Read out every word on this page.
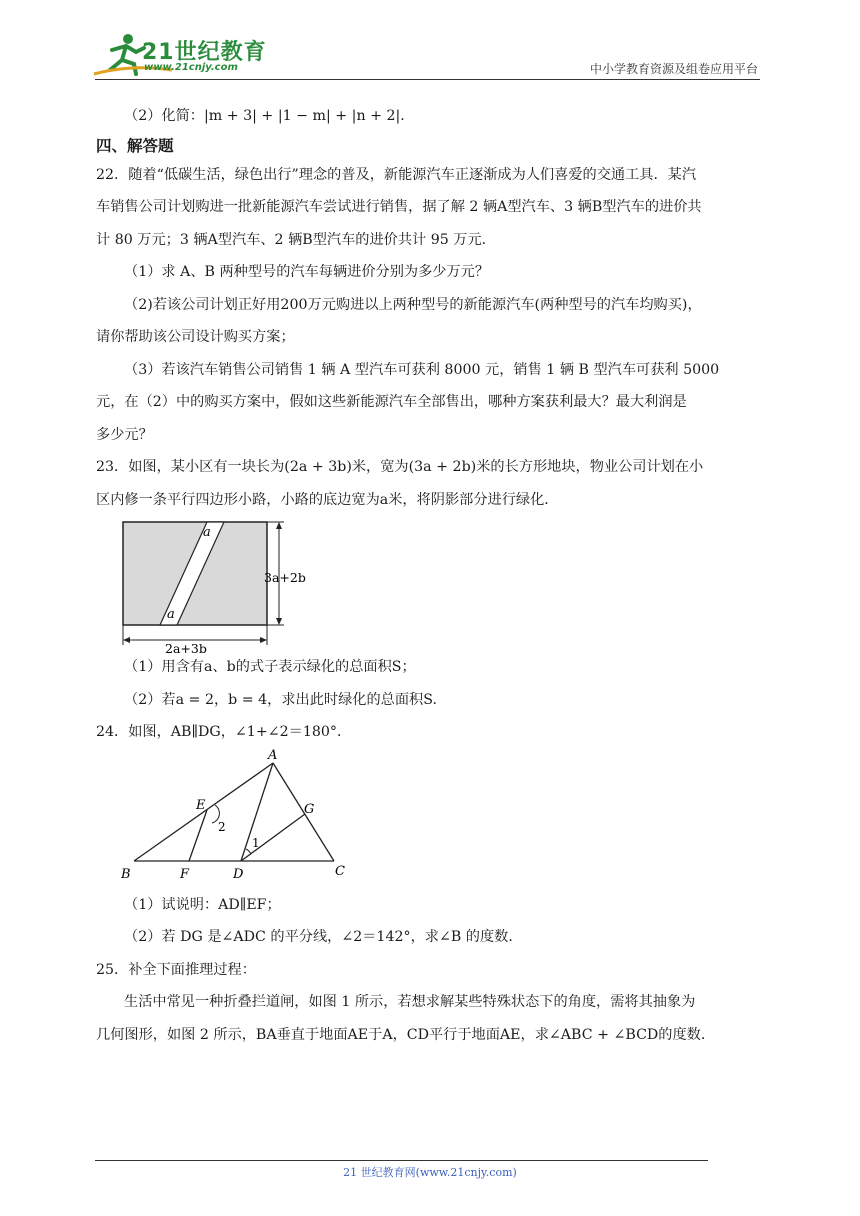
21世纪教育
www.21cnjy.com	中小学教育资源及组卷应用平台

（2）化简：|m + 3| + |1 − m| + |n + 2|.

四、解答题

22．随着“低碳生活，绿色出行”理念的普及，新能源汽车正逐渐成为人们喜爱的交通工具．某汽

车销售公司计划购进一批新能源汽车尝试进行销售，据了解 2 辆A型汽车、3 辆B型汽车的进价共

计 80 万元；3 辆A型汽车、2 辆B型汽车的进价共计 95 万元．

（1）求 A、B 两种型号的汽车每辆进价分别为多少万元？

（2)若该公司计划正好用200万元购进以上两种型号的新能源汽车(两种型号的汽车均购买)，

请你帮助该公司设计购买方案；

（3）若该汽车销售公司销售 1 辆 A 型汽车可获利 8000 元，销售 1 辆 B 型汽车可获利 5000

元，在（2）中的购买方案中，假如这些新能源汽车全部售出，哪种方案获利最大？最大利润是

多少元？

23．如图，某小区有一块长为(2a + 3b)米，宽为(3a + 2b)米的长方形地块，物业公司计划在小

区内修一条平行四边形小路，小路的底边宽为a米，将阴影部分进行绿化．

a
a
3a+2b
2a+3b

（1）用含有a、b的式子表示绿化的总面积S；

（2）若a = 2，b = 4，求出此时绿化的总面积S.

24．如图，AB∥DG，∠1+∠2＝180°．

A
B	C
D
E
F
G
1
2

（1）试说明：AD∥EF；

（2）若 DG 是∠ADC 的平分线，∠2＝142°，求∠B 的度数．

25．补全下面推理过程：

生活中常见一种折叠拦道闸，如图 1 所示，若想求解某些特殊状态下的角度，需将其抽象为

几何图形，如图 2 所示，BA垂直于地面AE于A，CD平行于地面AE，求∠ABC + ∠BCD的度数．

21 世纪教育网(www.21cnjy.com)
